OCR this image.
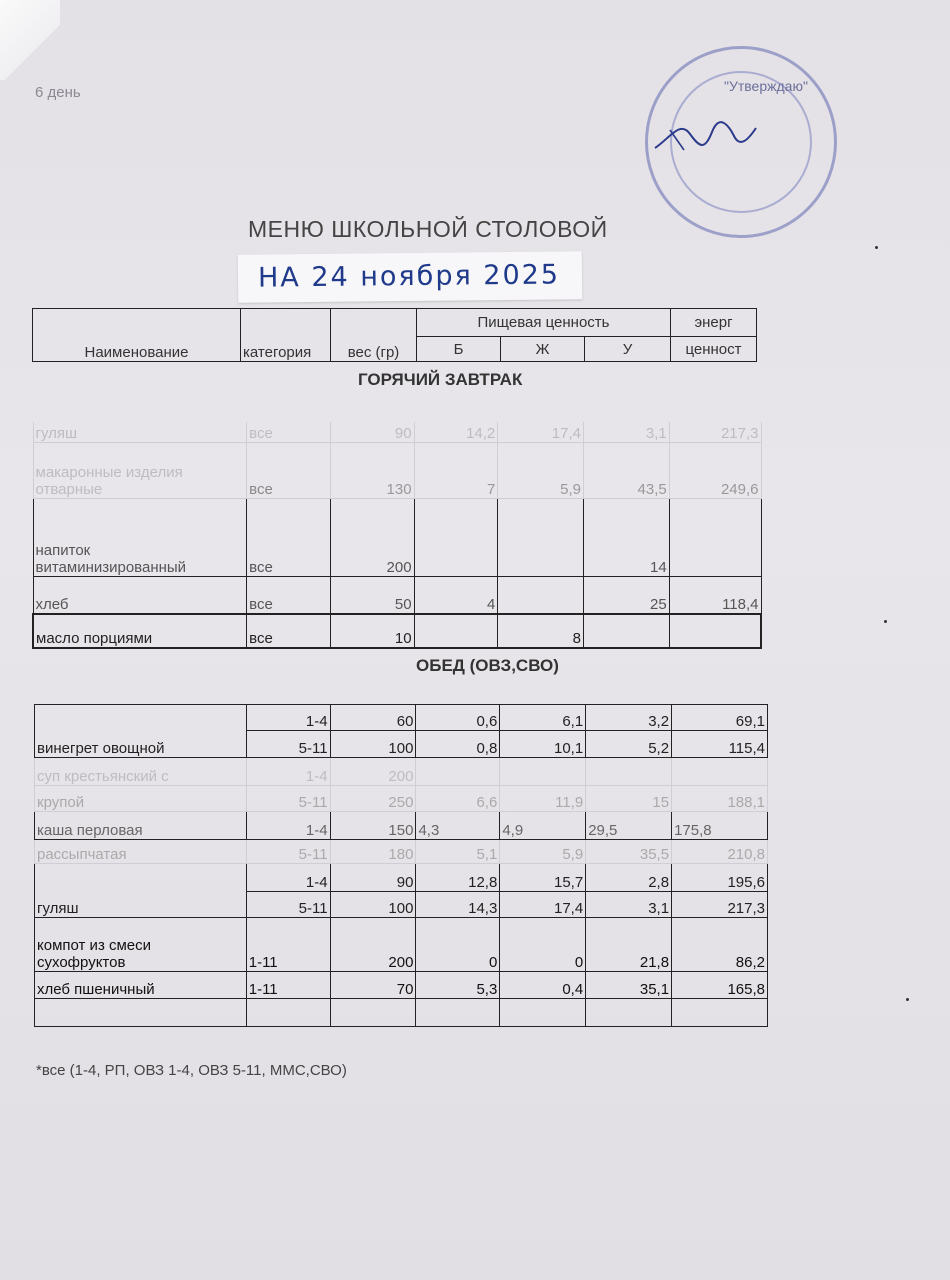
6 день	"Утверждаю"
МЕНЮ ШКОЛЬНОЙ СТОЛОВОЙ
НА 24 ноября 2025
Наименование	категория	вес (гр)	Пищевая ценность			энерг
			Б	Ж	У	ценност
ГОРЯЧИЙ ЗАВТРАК
гуляш	все	90	14,2	17,4	3,1	217,3

макаронные изделия
отварные	все	130	7	5,9	43,5	249,6

напиток
витаминизированный	все	200			14	
хлеб	все	50	4		25	118,4
масло порциями	все	10		8		
ОБЕД (ОВЗ,СВО)
винегрет овощной	1-4	60	0,6	6,1	3,2	69,1
	5-11	100	0,8	10,1	5,2	115,4
суп крестьянский с	1-4	200				
крупой	5-11	250	6,6	11,9	15	188,1
каша перловая	1-4	150	4,3	4,9	29,5	175,8
рассыпчатая	5-11	180	5,1	5,9	35,5	210,8
гуляш	1-4	90	12,8	15,7	2,8	195,6
	5-11	100	14,3	17,4	3,1	217,3

компот из смеси
сухофруктов	1-11	200	0	0	21,8	86,2
хлеб пшеничный	1-11	70	5,3	0,4	35,1	165,8

*все (1-4, РП, ОВЗ 1-4, ОВЗ 5-11, ММС,СВО)
